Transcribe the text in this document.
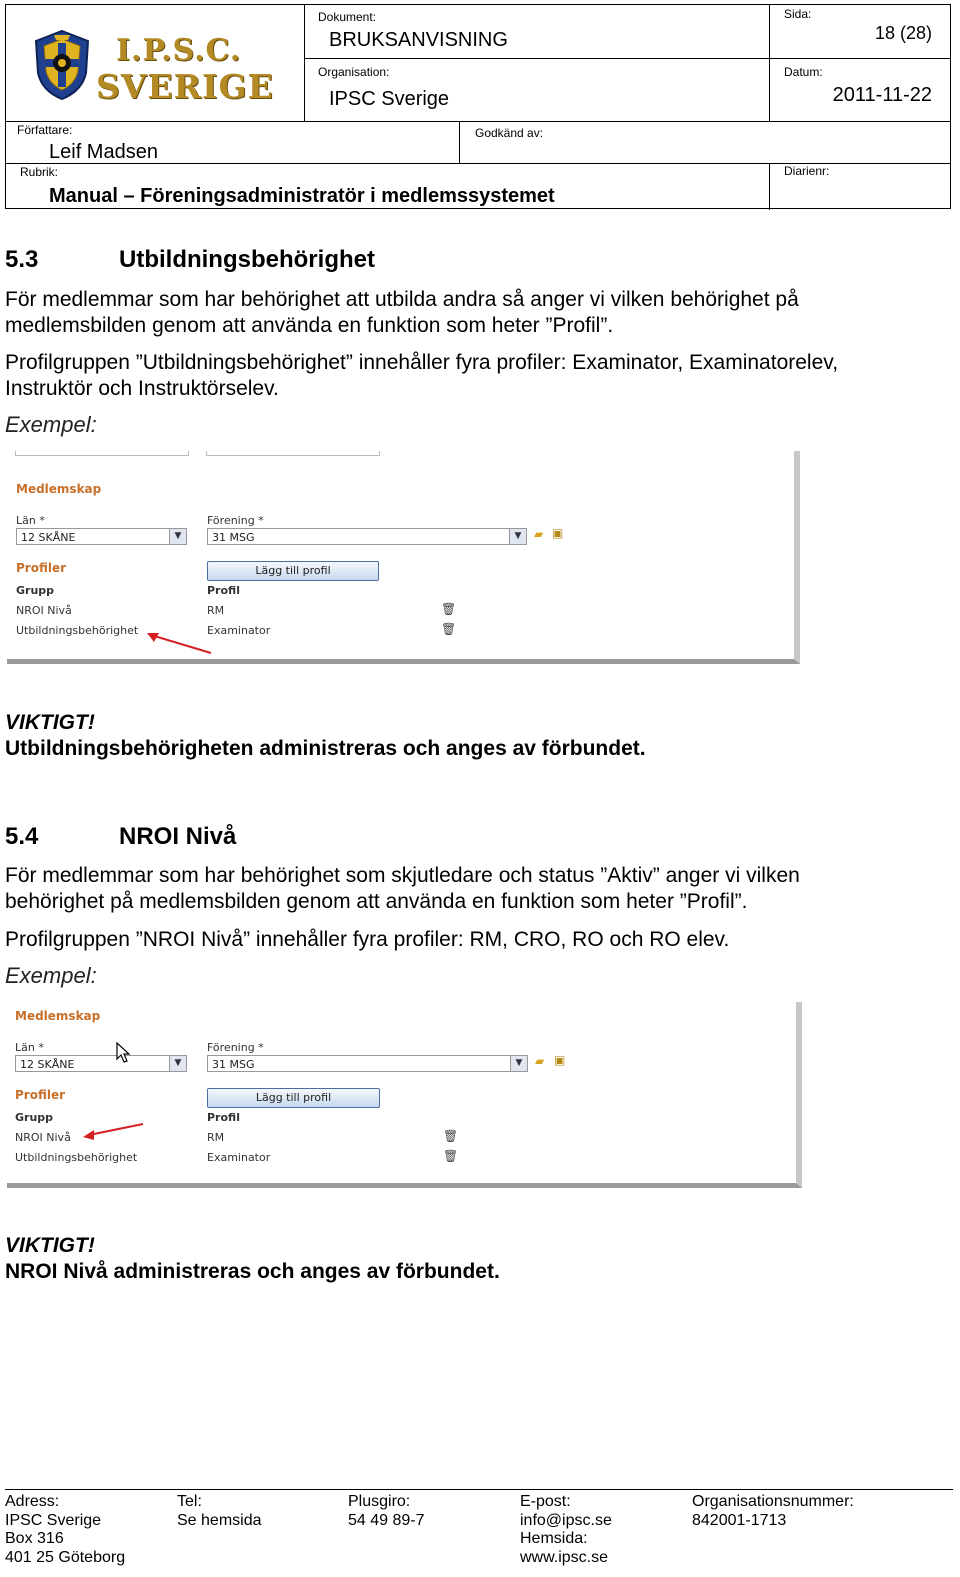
I.P.S.C.
SVERIGE
Dokument:
BRUKSANVISNING
Sida:
18 (28)
Organisation:
IPSC Sverige
Datum:
2011-11-22
Författare:
Leif Madsen
Godkänd av:
Rubrik:
Manual – Föreningsadministratör i medlemssystemet
Diarienr:
5.3	Utbildningsbehörighet
För medlemmar som har behörighet att utbilda andra så anger vi vilken behörighet på
medlemsbilden genom att använda en funktion som heter ”Profil”.
Profilgruppen ”Utbildningsbehörighet” innehåller fyra profiler: Examinator, Examinatorelev,
Instruktör och Instruktörselev.
Exempel:
Medlemskap
Län *
12 SKÅNE	▼
Förening *
31 MSG	▼	▰ ▣
Profiler	Lägg till profil
Grupp	Profil
NROI Nivå	RM	🗑
Utbildningsbehörighet	Examinator	🗑
VIKTIGT!
Utbildningsbehörigheten administreras och anges av förbundet.
5.4	NROI Nivå
För medlemmar som har behörighet som skjutledare och status ”Aktiv” anger vi vilken
behörighet på medlemsbilden genom att använda en funktion som heter ”Profil”.
Profilgruppen ”NROI Nivå” innehåller fyra profiler: RM, CRO, RO och RO elev.
Exempel:
Medlemskap
Län *
12 SKÅNE	▼
Förening *
31 MSG	▼	▰ ▣
Profiler	Lägg till profil
Grupp	Profil
NROI Nivå	RM	🗑
Utbildningsbehörighet	Examinator	🗑
VIKTIGT!
NROI Nivå administreras och anges av förbundet.
Adress:
IPSC Sverige
Box 316
401 25 Göteborg
Tel:
Se hemsida
Plusgiro:
54 49 89-7
E-post:
info@ipsc.se
Hemsida:
www.ipsc.se
Organisationsnummer:
842001-1713
